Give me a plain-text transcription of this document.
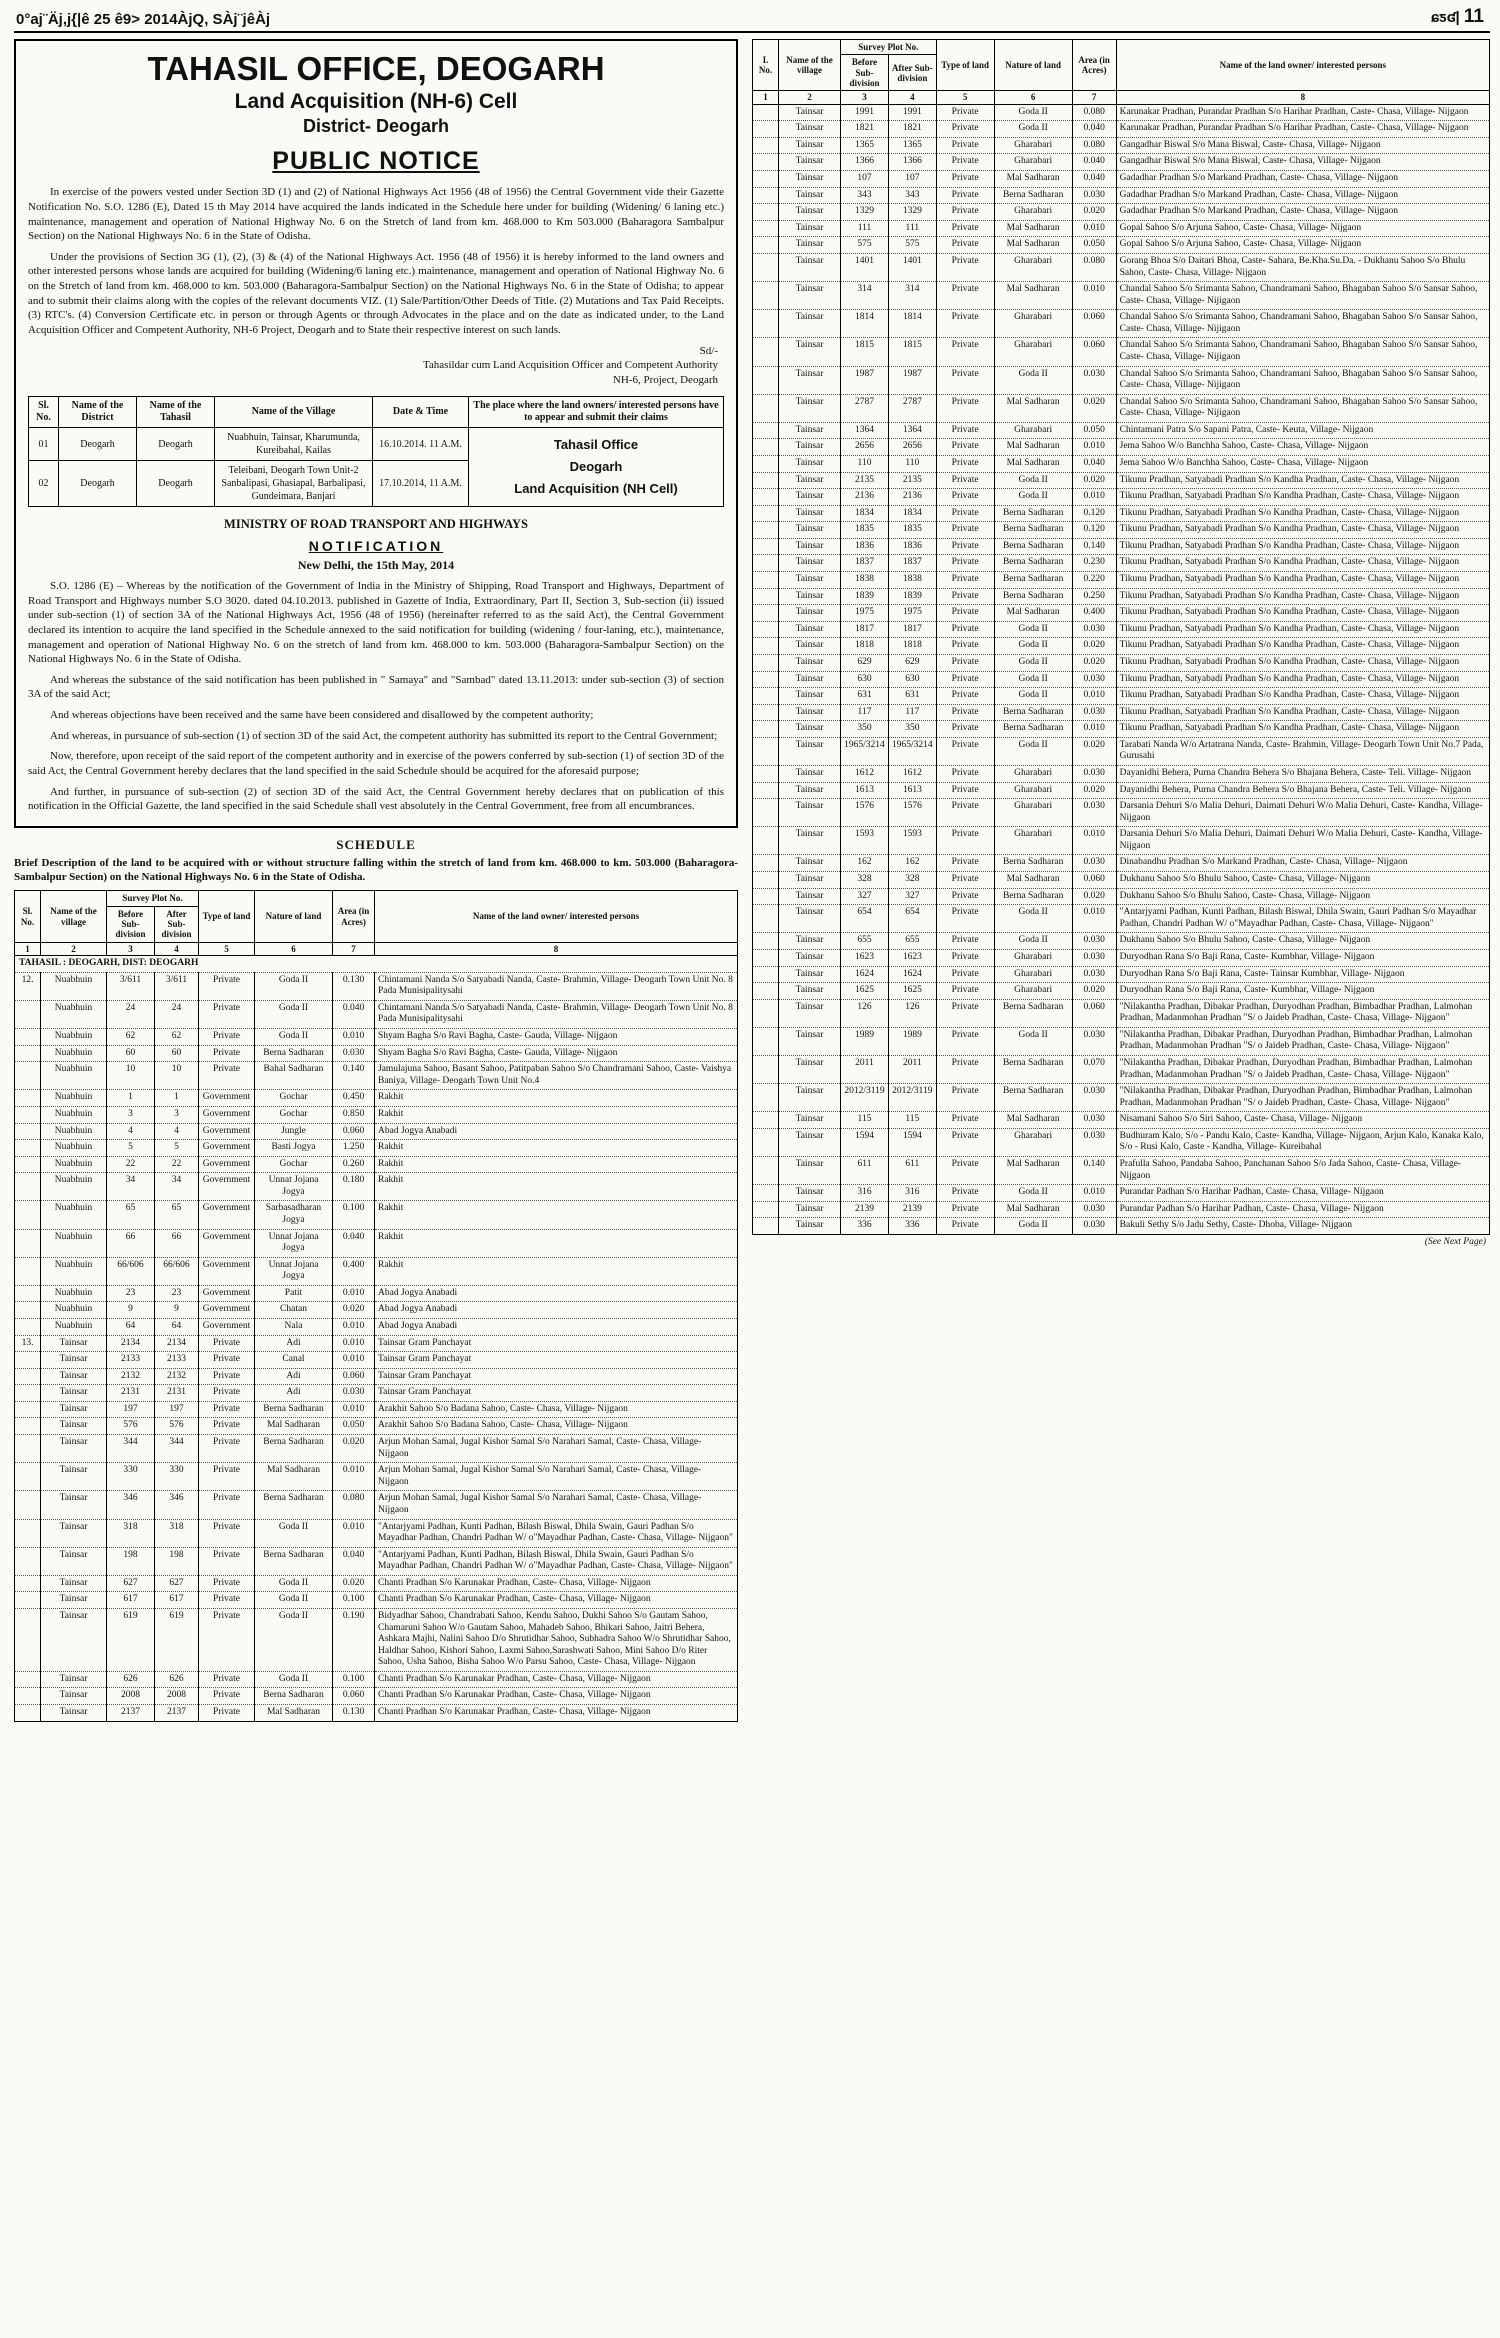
0°aj¨Äj,j{|ê 25 ê9> 2014ÀjQ, SÀj¨jêÀj	ɕƽʛ| 11
TAHASIL OFFICE, DEOGARH
Land Acquisition (NH-6) Cell
District- Deogarh
PUBLIC NOTICE

In exercise of the powers vested under Section 3D (1) and (2) of National Highways Act 1956 (48 of 1956) the Central Government vide their Gazette Notification No. S.O. 1286 (E), Dated 15 th May 2014 have acquired the lands indicated in the Schedule here under for building (Widening/ 6 laning etc.) maintenance, management and operation of National Highway No. 6 on the Stretch of land from km. 468.000 to Km 503.000 (Baharagora Sambalpur Section) on the National Highways No. 6 in the State of Odisha.

Under the provisions of Section 3G (1), (2), (3) & (4) of the National Highways Act. 1956 (48 of 1956) it is hereby informed to the land owners and other interested persons whose lands are acquired for building (Widening/6 laning etc.) maintenance, management and operation of National Highway No. 6 on the Stretch of land from km. 468.000 to km. 503.000 (Baharagora-Sambalpur Section) on the National Highways No. 6 in the State of Odisha; to appear and to submit their claims along with the copies of the relevant documents VIZ. (1) Sale/Partition/Other Deeds of Title. (2) Mutations and Tax Paid Receipts. (3) RTC's. (4) Conversion Certificate etc. in person or through Agents or through Advocates in the place and on the date as indicated under, to the Land Acquisition Officer and Competent Authority, NH-6 Project, Deogarh and to State their respective interest on such lands.

Sd/-
Tahasildar cum Land Acquisition Officer and Competent Authority
NH-6, Project, Deogarh
Sl. No.	Name of the District	Name of the Tahasil	Name of the Village	Date & Time	The place where the land owners/ interested persons have to appear and submit their claims
01	Deogarh	Deogarh	Nuabhuin, Tainsar, Kharumunda, Kureibahal, Kailas	16.10.2014. 11 A.M.	Tahasil Office
Deogarh
Land Acquisition (NH Cell)

02	Deogarh	Deogarh	Teleibani, Deogarh Town Unit-2 Sanbalipasi, Ghasiapal, Barbalipasi, Gundeimara, Banjari	17.10.2014, 11 A.M.	
MINISTRY OF ROAD TRANSPORT AND HIGHWAYS
NOTIFICATION
New Delhi, the 15th May, 2014

S.O. 1286 (E) – Whereas by the notification of the Government of India in the Ministry of Shipping, Road Transport and Highways, Department of Road Transport and Highways number S.O 3020. dated 04.10.2013. published in Gazette of India, Extraordinary, Part II, Section 3, Sub-section (ii) issued under sub-section (1) of section 3A of the National Highways Act, 1956 (48 of 1956) (hereinafter referred to as the said Act), the Central Government declared its intention to acquire the land specified in the Schedule annexed to the said notification for building (widening / four-laning, etc.), maintenance, management and operation of National Highway No. 6 on the stretch of land from km. 468.000 to km. 503.000 (Baharagora-Sambalpur Section) on the National Highways No. 6 in the State of Odisha.

And whereas the substance of the said notification has been published in " Samaya" and "Sambad" dated 13.11.2013: under sub-section (3) of section 3A of the said Act;

And whereas objections have been received and the same have been considered and disallowed by the competent authority;

And whereas, in pursuance of sub-section (1) of section 3D of the said Act, the competent authority has submitted its report to the Central Government;

Now, therefore, upon receipt of the said report of the competent authority and in exercise of the powers conferred by sub-section (1) of section 3D of the said Act, the Central Government hereby declares that the land specified in the said Schedule should be acquired for the aforesaid purpose;

And further, in pursuance of sub-section (2) of section 3D of the said Act, the Central Government hereby declares that on publication of this notification in the Official Gazette, the land specified in the said Schedule shall vest absolutely in the Central Government, free from all encumbrances.

SCHEDULE

Brief Description of the land to be acquired with or without structure falling within the stretch of land from km. 468.000 to km. 503.000 (Baharagora-Sambalpur Section) on the National Highways No. 6 in the State of Odisha.

Sl. No.	Name of the village	Survey Plot No.		Type of land	Nature of land	Area (in Acres)	Name of the land owner/ interested persons
		Before Sub-division	After Sub-division				
1	2	3	4	5	6	7	8
TAHASIL : DEOGARH, DIST: DEOGARH							
12.	Nuabhuin	3/611	3/611	Private	Goda II	0.130	Chintamani Nanda S/o Satyabadi Nanda, Caste- Brahmin, Village- Deogarh Town Unit No. 8 Pada Munisipalitysahi
	Nuabhuin	24	24	Private	Goda II	0.040	Chintamani Nanda S/o Satyabadi Nanda, Caste- Brahmin, Village- Deogarh Town Unit No. 8 Pada Munisipalitysahi
	Nuabhuin	62	62	Private	Goda II	0.010	Shyam Bagha S/o Ravi Bagha, Caste- Gauda, Village- Nijgaon
	Nuabhuin	60	60	Private	Berna Sadharan	0.030	Shyam Bagha S/o Ravi Bagha, Caste- Gauda, Village- Nijgaon
	Nuabhuin	10	10	Private	Bahal Sadharan	0.140	Jamulajuna Sahoo, Basant Sahoo, Patitpaban Sahoo S/o Chandramani Sahoo, Caste- Vaishya Baniya, Village- Deogarh Town Unit No.4
	Nuabhuin	1	1	Government	Gochar	0.450	Rakhit
	Nuabhuin	3	3	Government	Gochar	0.850	Rakhit
	Nuabhuin	4	4	Government	Jungle	0.060	Abad Jogya Anabadi
	Nuabhuin	5	5	Government	Basti Jogya	1.250	Rakhit
	Nuabhuin	22	22	Government	Gochar	0.260	Rakhit
	Nuabhuin	34	34	Government	Unnat Jojana Jogya	0.180	Rakhit
	Nuabhuin	65	65	Government	Sarbasadharan Jogya	0.100	Rakhit
	Nuabhuin	66	66	Government	Unnat Jojana Jogya	0.040	Rakhit
	Nuabhuin	66/606	66/606	Government	Unnat Jojana Jogya	0.400	Rakhit
	Nuabhuin	23	23	Government	Patit	0.010	Abad Jogya Anabadi
	Nuabhuin	9	9	Government	Chatan	0.020	Abad Jogya Anabadi
	Nuabhuin	64	64	Government	Nala	0.010	Abad Jogya Anabadi
13.	Tainsar	2134	2134	Private	Adi	0.010	Tainsar Gram Panchayat
	Tainsar	2133	2133	Private	Canal	0.010	Tainsar Gram Panchayat
	Tainsar	2132	2132	Private	Adi	0.060	Tainsar Gram Panchayat
	Tainsar	2131	2131	Private	Adi	0.030	Tainsar Gram Panchayat
	Tainsar	197	197	Private	Berna Sadharan	0.010	Arakhit Sahoo S/o Badana Sahoo, Caste- Chasa, Village- Nijgaon
	Tainsar	576	576	Private	Mal Sadharan	0.050	Arakhit Sahoo S/o Badana Sahoo, Caste- Chasa, Village- Nijgaon
	Tainsar	344	344	Private	Berna Sadharan	0.020	Arjun Mohan Samal, Jugal Kishor Samal S/o Narahari Samal, Caste- Chasa, Village- Nijgaon
	Tainsar	330	330	Private	Mal Sadharan	0.010	Arjun Mohan Samal, Jugal Kishor Samal S/o Narahari Samal, Caste- Chasa, Village- Nijgaon
	Tainsar	346	346	Private	Berna Sadharan	0.080	Arjun Mohan Samal, Jugal Kishor Samal S/o Narahari Samal, Caste- Chasa, Village- Nijgaon
	Tainsar	318	318	Private	Goda II	0.010	"Antarjyami Padhan, Kunti Padhan, Bilash Biswal, Dhila Swain, Gauri Padhan S/o Mayadhar Padhan, Chandri Padhan W/ o"Mayadhar Padhan, Caste- Chasa, Village- Nijgaon"
	Tainsar	198	198	Private	Berna Sadharan	0.040	"Antarjyami Padhan, Kunti Padhan, Bilash Biswal, Dhila Swain, Gauri Padhan S/o Mayadhar Padhan, Chandri Padhan W/ o"Mayadhar Padhan, Caste- Chasa, Village- Nijgaon"
	Tainsar	627	627	Private	Goda II	0.020	Chanti Pradhan S/o Karunakar Pradhan, Caste- Chasa, Village- Nijgaon
	Tainsar	617	617	Private	Goda II	0.100	Chanti Pradhan S/o Karunakar Pradhan, Caste- Chasa, Village- Nijgaon
	Tainsar	619	619	Private	Goda II	0.190	Bidyadhar Sahoo, Chandrabati Sahoo, Kendu Sahoo, Dukhi Sahoo S/o Gautam Sahoo, Chamaruni Sahoo W/o Gautam Sahoo, Mahadeb Sahoo, Bhikari Sahoo, Jaitri Behera, Ashkara Majhi, Nalini Sahoo D/o Shrutidhar Sahoo, Subhadra Sahoo W/o Shrutidhar Sahoo, Haldhar Sahoo, Kishori Sahoo, Laxmi Sahoo,Sarashwati Sahoo, Mini Sahoo D/o Riter Sahoo, Usha Sahoo, Bisha Sahoo W/o Parsu Sahoo, Caste- Chasa, Village- Nijgaon
	Tainsar	626	626	Private	Goda II	0.100	Chanti Pradhan S/o Karunakar Pradhan, Caste- Chasa, Village- Nijgaon
	Tainsar	2008	2008	Private	Berna Sadharan	0.060	Chanti Pradhan S/o Karunakar Pradhan, Caste- Chasa, Village- Nijgaon
	Tainsar	2137	2137	Private	Mal Sadharan	0.130	Chanti Pradhan S/o Karunakar Pradhan, Caste- Chasa, Village- Nijgaon
I. No.	Name of the village	Survey Plot No.		Type of land	Nature of land	Area (in Acres)	Name of the land owner/ interested persons
		Before Sub-division	After Sub-division				
1	2	3	4	5	6	7	8
	Tainsar	1991	1991	Private	Goda II	0.080	Karunakar Pradhan, Purandar Pradhan S/o Harihar Pradhan, Caste- Chasa, Village- Nijgaon
	Tainsar	1821	1821	Private	Goda II	0.040	Karunakar Pradhan, Purandar Pradhan S/o Harihar Pradhan, Caste- Chasa, Village- Nijgaon
	Tainsar	1365	1365	Private	Gharabari	0.080	Gangadhar Biswal S/o Mana Biswal, Caste- Chasa, Village- Nijgaon
	Tainsar	1366	1366	Private	Gharabari	0.040	Gangadhar Biswal S/o Mana Biswal, Caste- Chasa, Village- Nijgaon
	Tainsar	107	107	Private	Mal Sadharan	0.040	Gadadhar Pradhan S/o Markand Pradhan, Caste- Chasa, Village- Nijgaon
	Tainsar	343	343	Private	Berna Sadharan	0.030	Gadadhar Pradhan S/o Markand Pradhan, Caste- Chasa, Village- Nijgaon
	Tainsar	1329	1329	Private	Gharabari	0.020	Gadadhar Pradhan S/o Markand Pradhan, Caste- Chasa, Village- Nijgaon
	Tainsar	111	111	Private	Mal Sadharan	0.010	Gopal Sahoo S/o Arjuna Sahoo, Caste- Chasa, Village- Nijgaon
	Tainsar	575	575	Private	Mal Sadharan	0.050	Gopal Sahoo S/o Arjuna Sahoo, Caste- Chasa, Village- Nijgaon
	Tainsar	1401	1401	Private	Gharabari	0.080	Gorang Bhoa S/o Daitari Bhoa, Caste- Sahara, Be.Kha.Su.Da. - Dukhanu Sahoo S/o Bhulu Sahoo, Caste- Chasa, Village- Nijgaon
	Tainsar	314	314	Private	Mal Sadharan	0.010	Chandal Sahoo S/o Srimanta Sahoo, Chandramani Sahoo, Bhagaban Sahoo S/o Sansar Sahoo, Caste- Chasa, Village- Nijigaon
	Tainsar	1814	1814	Private	Gharabari	0.060	Chandal Sahoo S/o Srimanta Sahoo, Chandramani Sahoo, Bhagaban Sahoo S/o Sansar Sahoo, Caste- Chasa, Village- Nijigaon
	Tainsar	1815	1815	Private	Gharabari	0.060	Chandal Sahoo S/o Srimanta Sahoo, Chandramani Sahoo, Bhagaban Sahoo S/o Sansar Sahoo, Caste- Chasa, Village- Nijigaon
	Tainsar	1987	1987	Private	Goda II	0.030	Chandal Sahoo S/o Srimanta Sahoo, Chandramani Sahoo, Bhagaban Sahoo S/o Sansar Sahoo, Caste- Chasa, Village- Nijigaon
	Tainsar	2787	2787	Private	Mal Sadharan	0.020	Chandal Sahoo S/o Srimanta Sahoo, Chandramani Sahoo, Bhagaban Sahoo S/o Sansar Sahoo, Caste- Chasa, Village- Nijigaon
	Tainsar	1364	1364	Private	Gharabari	0.050	Chintamani Patra S/o Sapani Patra, Caste- Keuta, Village- Nijgaon
	Tainsar	2656	2656	Private	Mal Sadharan	0.010	Jema Sahoo W/o Banchha Sahoo, Caste- Chasa, Village- Nijgaon
	Tainsar	110	110	Private	Mal Sadharan	0.040	Jema Sahoo W/o Banchha Sahoo, Caste- Chasa, Village- Nijgaon
	Tainsar	2135	2135	Private	Goda II	0.020	Tikunu Pradhan, Satyabadi Pradhan S/o Kandha Pradhan, Caste- Chasa, Village- Nijgaon
	Tainsar	2136	2136	Private	Goda II	0.010	Tikunu Pradhan, Satyabadi Pradhan S/o Kandha Pradhan, Caste- Chasa, Village- Nijgaon
	Tainsar	1834	1834	Private	Berna Sadharan	0.120	Tikunu Pradhan, Satyabadi Pradhan S/o Kandha Pradhan, Caste- Chasa, Village- Nijgaon
	Tainsar	1835	1835	Private	Berna Sadharan	0.120	Tikunu Pradhan, Satyabadi Pradhan S/o Kandha Pradhan, Caste- Chasa, Village- Nijgaon
	Tainsar	1836	1836	Private	Berna Sadharan	0.140	Tikunu Pradhan, Satyabadi Pradhan S/o Kandha Pradhan, Caste- Chasa, Village- Nijgaon
	Tainsar	1837	1837	Private	Berna Sadharan	0.230	Tikunu Pradhan, Satyabadi Pradhan S/o Kandha Pradhan, Caste- Chasa, Village- Nijgaon
	Tainsar	1838	1838	Private	Berna Sadharan	0.220	Tikunu Pradhan, Satyabadi Pradhan S/o Kandha Pradhan, Caste- Chasa, Village- Nijgaon
	Tainsar	1839	1839	Private	Berna Sadharan	0.250	Tikunu Pradhan, Satyabadi Pradhan S/o Kandha Pradhan, Caste- Chasa, Village- Nijgaon
	Tainsar	1975	1975	Private	Mal Sadharan	0.400	Tikunu Pradhan, Satyabadi Pradhan S/o Kandha Pradhan, Caste- Chasa, Village- Nijgaon
	Tainsar	1817	1817	Private	Goda II	0.030	Tikunu Pradhan, Satyabadi Pradhan S/o Kandha Pradhan, Caste- Chasa, Village- Nijgaon
	Tainsar	1818	1818	Private	Goda II	0.020	Tikunu Pradhan, Satyabadi Pradhan S/o Kandha Pradhan, Caste- Chasa, Village- Nijgaon
	Tainsar	629	629	Private	Goda II	0.020	Tikunu Pradhan, Satyabadi Pradhan S/o Kandha Pradhan, Caste- Chasa, Village- Nijgaon
	Tainsar	630	630	Private	Goda II	0.030	Tikunu Pradhan, Satyabadi Pradhan S/o Kandha Pradhan, Caste- Chasa, Village- Nijgaon
	Tainsar	631	631	Private	Goda II	0.010	Tikunu Pradhan, Satyabadi Pradhan S/o Kandha Pradhan, Caste- Chasa, Village- Nijgaon
	Tainsar	117	117	Private	Berna Sadharan	0.030	Tikunu Pradhan, Satyabadi Pradhan S/o Kandha Pradhan, Caste- Chasa, Village- Nijgaon
	Tainsar	350	350	Private	Berna Sadharan	0.010	Tikunu Pradhan, Satyabadi Pradhan S/o Kandha Pradhan, Caste- Chasa, Village- Nijgaon
	Tainsar	1965/3214	1965/3214	Private	Goda II	0.020	Tarabati Nanda W/o Artatrana Nanda, Caste- Brahmin, Village- Deogarh Town Unit No.7 Pada, Gurusahi
	Tainsar	1612	1612	Private	Gharabari	0.030	Dayanidhi Behera, Purna Chandra Behera S/o Bhajana Behera, Caste- Teli. Village- Nijgaon
	Tainsar	1613	1613	Private	Gharabari	0.020	Dayanidhi Behera, Purna Chandra Behera S/o Bhajana Behera, Caste- Teli. Village- Nijgaon
	Tainsar	1576	1576	Private	Gharabari	0.030	Darsania Dehuri S/o Malia Dehuri, Daimati Dehuri W/o Malia Dehuri, Caste- Kandha, Village- Nijgaon
	Tainsar	1593	1593	Private	Gharabari	0.010	Darsania Dehuri S/o Malia Dehuri, Daimati Dehuri W/o Malia Dehuri, Caste- Kandha, Village- Nijgaon
	Tainsar	162	162	Private	Berna Sadharan	0.030	Dinabandhu Pradhan S/o Markand Pradhan, Caste- Chasa, Village- Nijgaon
	Tainsar	328	328	Private	Mal Sadharan	0.060	Dukhanu Sahoo S/o Bhulu Sahoo, Caste- Chasa, Village- Nijgaon
	Tainsar	327	327	Private	Berna Sadharan	0.020	Dukhanu Sahoo S/o Bhulu Sahoo, Caste- Chasa, Village- Nijgaon
	Tainsar	654	654	Private	Goda II	0.010	"Antarjyami Padhan, Kunti Padhan, Bilash Biswal, Dhila Swain, Gauri Padhan S/o Mayadhar Padhan, Chandri Padhan W/ o"Mayadhar Padhan, Caste- Chasa, Village- Nijgaon"
	Tainsar	655	655	Private	Goda II	0.030	Dukhanu Sahoo S/o Bhulu Sahoo, Caste- Chasa, Village- Nijgaon
	Tainsar	1623	1623	Private	Gharabari	0.030	Duryodhan Rana S/o Baji Rana, Caste- Kumbhar, Village- Nijgaon
	Tainsar	1624	1624	Private	Gharabari	0.030	Duryodhan Rana S/o Baji Rana, Caste- Tainsar Kumbhar, Village- Nijgaon
	Tainsar	1625	1625	Private	Gharabari	0.020	Duryodhan Rana S/o Baji Rana, Caste- Kumbhar, Village- Nijgaon
	Tainsar	126	126	Private	Berna Sadharan	0.060	"Nilakantha Pradhan, Dibakar Pradhan, Duryodhan Pradhan, Bimbadhar Pradhan, Lalmohan Pradhan, Madanmohan Pradhan "S/ o Jaideb Pradhan, Caste- Chasa, Village- Nijgaon"
	Tainsar	1989	1989	Private	Goda II	0.030	"Nilakantha Pradhan, Dibakar Pradhan, Duryodhan Pradhan, Bimbadhar Pradhan, Lalmohan Pradhan, Madanmohan Pradhan "S/ o Jaideb Pradhan, Caste- Chasa, Village- Nijgaon"
	Tainsar	2011	2011	Private	Berna Sadharan	0.070	"Nilakantha Pradhan, Dibakar Pradhan, Duryodhan Pradhan, Bimbadhar Pradhan, Lalmohan Pradhan, Madanmohan Pradhan "S/ o Jaideb Pradhan, Caste- Chasa, Village- Nijgaon"
	Tainsar	2012/3119	2012/3119	Private	Berna Sadharan	0.030	"Nilakantha Pradhan, Dibakar Pradhan, Duryodhan Pradhan, Bimbadhar Pradhan, Lalmohan Pradhan, Madanmohan Pradhan "S/ o Jaideb Pradhan, Caste- Chasa, Village- Nijgaon"
	Tainsar	115	115	Private	Mal Sadharan	0.030	Nisamani Sahoo S/o Siri Sahoo, Caste- Chasa, Village- Nijgaon
	Tainsar	1594	1594	Private	Gharabari	0.030	Budhuram Kalo, S/o - Pandu Kalo, Caste- Kandha, Village- Nijgaon, Arjun Kalo, Kanaka Kalo, S/o - Rusi Kalo, Caste - Kandha, Village- Kureibahal
	Tainsar	611	611	Private	Mal Sadharan	0.140	Prafulla Sahoo, Pandaba Sahoo, Panchanan Sahoo S/o Jada Sahoo, Caste- Chasa, Village- Nijgaon
	Tainsar	316	316	Private	Goda II	0.010	Purandar Padhan S/o Harihar Padhan, Caste- Chasa, Village- Nijgaon
	Tainsar	2139	2139	Private	Mal Sadharan	0.030	Purandar Padhan S/o Harihar Padhan, Caste- Chasa, Village- Nijgaon
	Tainsar	336	336	Private	Goda II	0.030	Bakuli Sethy S/o Jadu Sethy, Caste- Dhoba, Village- Nijgaon
(See Next Page)
